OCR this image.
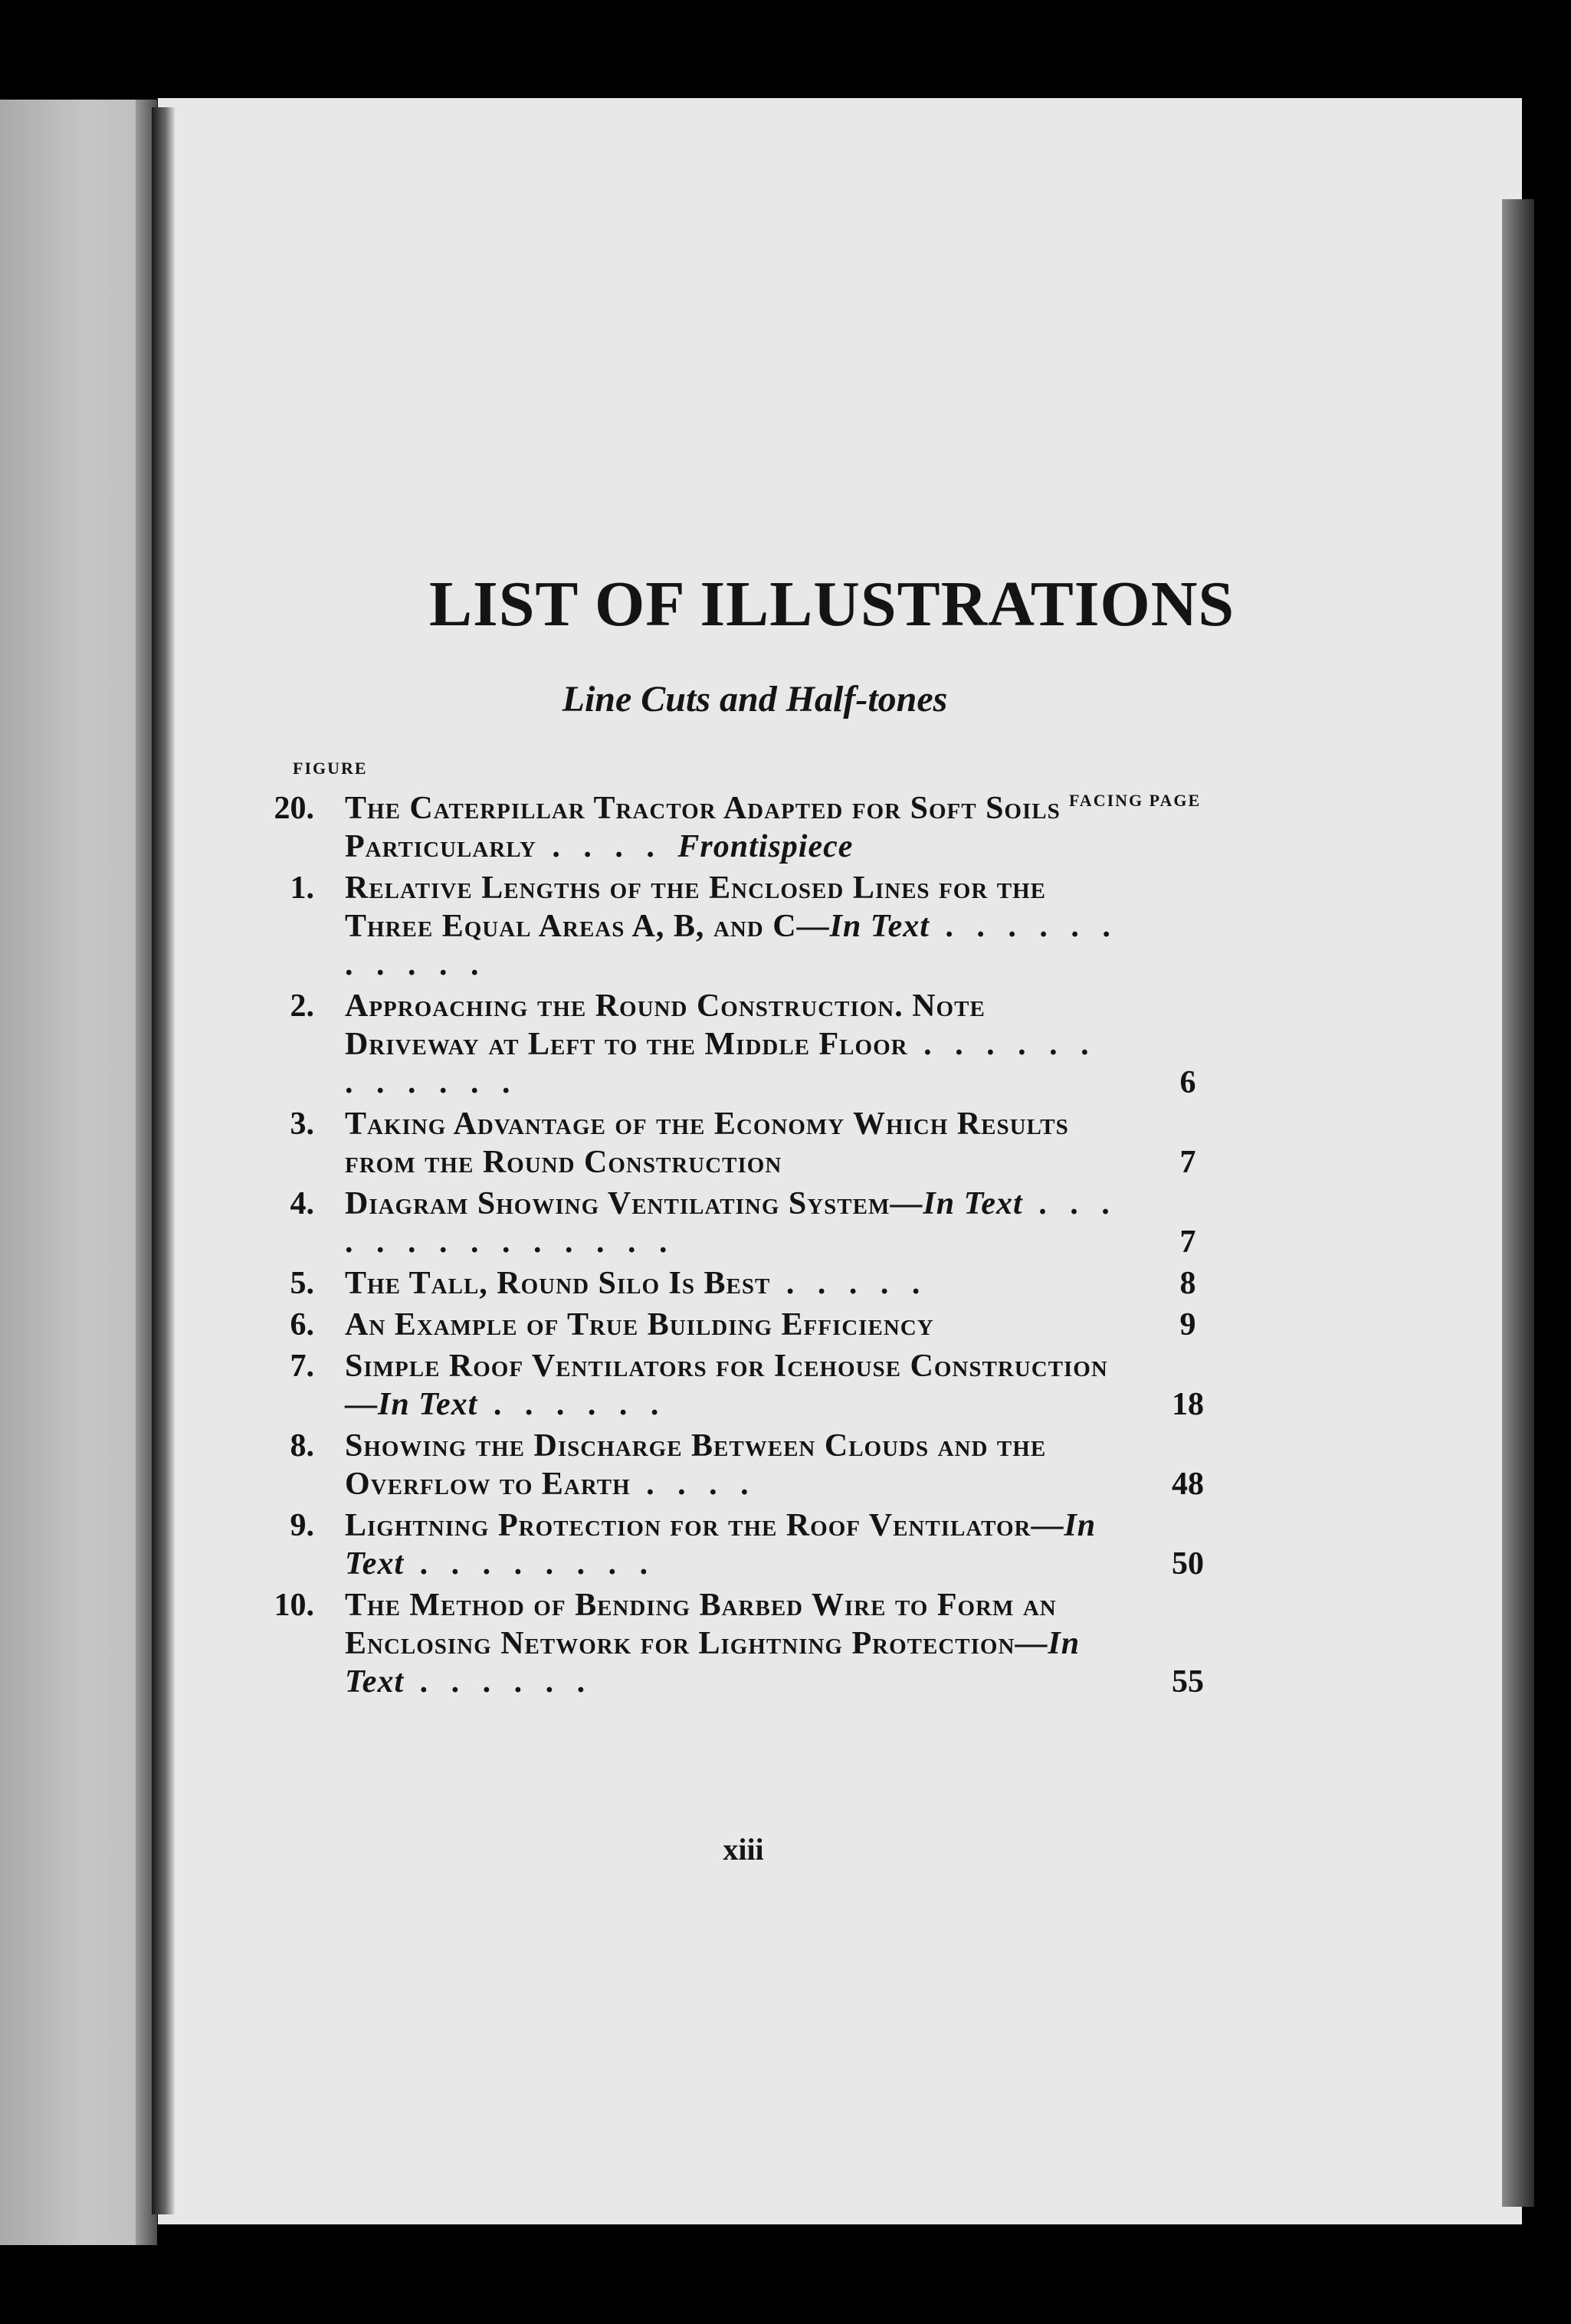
LIST OF ILLUSTRATIONS
Line Cuts and Half-tones
FIGURE
FACING PAGE
20. The Caterpillar Tractor Adapted for Soft Soils Particularly . . . . Frontispiece
1. Relative Lengths of the Enclosed Lines for the Three Equal Areas A, B, and C—In Text . . . . . . . . . . .
2. Approaching the Round Construction. Note Driveway at Left to the Middle Floor . . . . . . . . . . . .	6
3. Taking Advantage of the Economy Which Results from the Round Construction	7
4. Diagram Showing Ventilating System—In Text . . . . . . . . . . . . . .	7
5. The Tall, Round Silo Is Best . . . . .	8
6. An Example of True Building Efficiency	9
7. Simple Roof Ventilators for Icehouse Construction—In Text . . . . . .	18
8. Showing the Discharge Between Clouds and the Overflow to Earth . . . .	48
9. Lightning Protection for the Roof Ventilator—In Text . . . . . . . .	50
10. The Method of Bending Barbed Wire to Form an Enclosing Network for Lightning Protection—In Text . . . . . .	55
xiii
